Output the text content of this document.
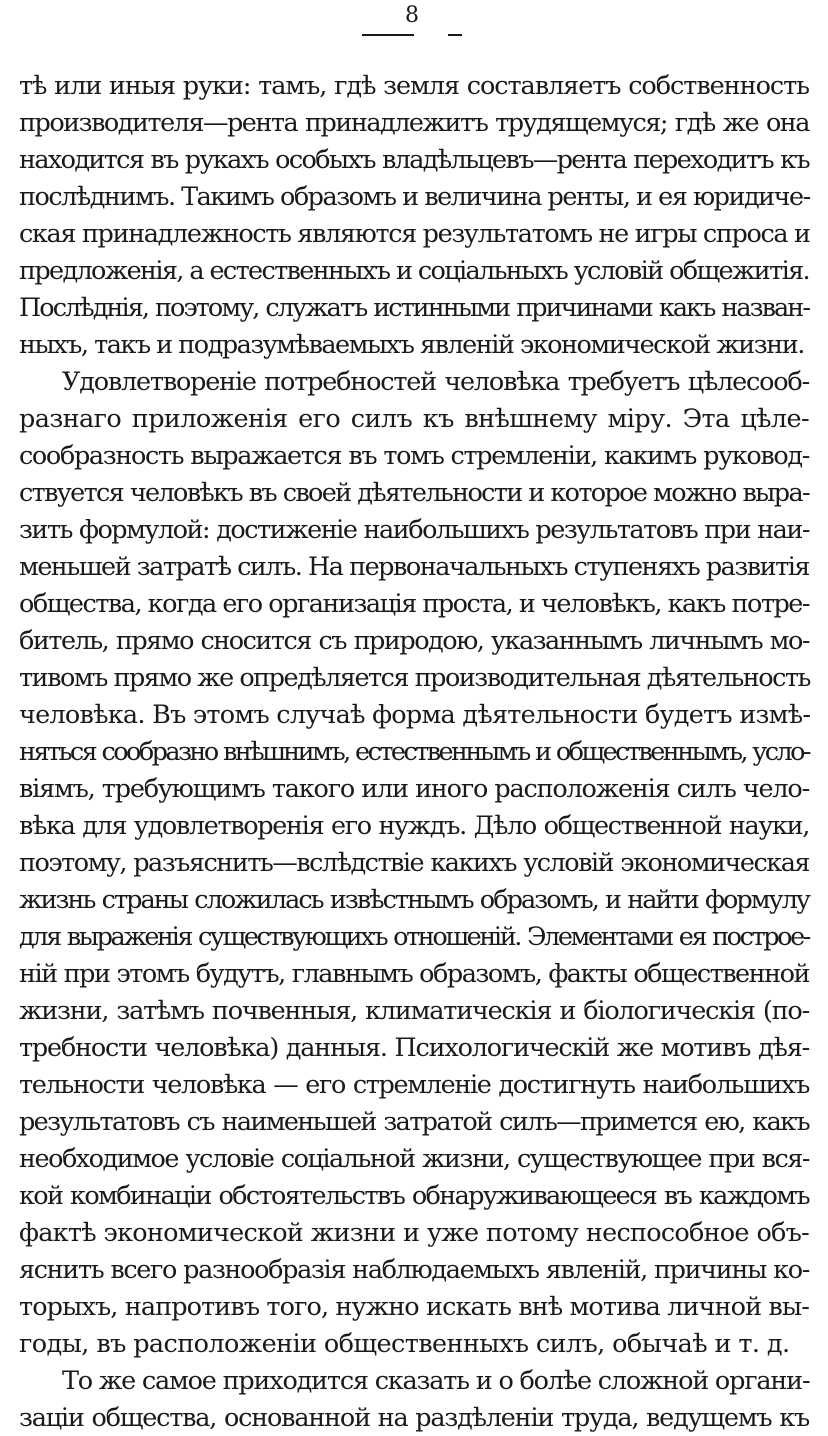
8
тѣ или иныя руки: тамъ, гдѣ земля составляетъ собственность
производителя—рента принадлежитъ трудящемуся; гдѣ же она
находится въ рукахъ особыхъ владѣльцевъ—рента переходитъ къ
послѣднимъ. Такимъ образомъ и величина ренты, и ея юридиче-
ская принадлежность являются результатомъ не игры спроса и
предложенія, а естественныхъ и соціальныхъ условій общежитія.
Послѣднія, поэтому, служатъ истинными причинами какъ назван-
ныхъ, такъ и подразумѣваемыхъ явленій экономической жизни.
Удовлетвореніе потребностей человѣка требуетъ цѣлесооб-
разнаго приложенія его силъ къ внѣшнему міру. Эта цѣле-
сообразность выражается въ томъ стремленіи, какимъ руковод-
ствуется человѣкъ въ своей дѣятельности и которое можно выра-
зить формулой: достиженіе наибольшихъ результатовъ при наи-
меньшей затратѣ силъ. На первоначальныхъ ступеняхъ развитія
общества, когда его организація проста, и человѣкъ, какъ потре-
битель, прямо сносится съ природою, указаннымъ личнымъ мо-
тивомъ прямо же опредѣляется производительная дѣятельность
человѣка. Въ этомъ случаѣ форма дѣятельности будетъ измѣ-
няться сообразно внѣшнимъ, естественнымъ и общественнымъ, усло-
віямъ, требующимъ такого или иного расположенія силъ чело-
вѣка для удовлетворенія его нуждъ. Дѣло общественной науки,
поэтому, разъяснить—вслѣдствіе какихъ условій экономическая
жизнь страны сложилась извѣстнымъ образомъ, и найти формулу
для выраженія существующихъ отношеній. Элементами ея построе-
ній при этомъ будутъ, главнымъ образомъ, факты общественной
жизни, затѣмъ почвенныя, климатическія и біологическія (по-
требности человѣка) данныя. Психологическій же мотивъ дѣя-
тельности человѣка — его стремленіе достигнуть наибольшихъ
результатовъ съ наименьшей затратой силъ—примется ею, какъ
необходимое условіе соціальной жизни, существующее при вся-
кой комбинаціи обстоятельствъ обнаруживающееся въ каждомъ
фактѣ экономической жизни и уже потому неспособное объ-
яснить всего разнообразія наблюдаемыхъ явленій, причины ко-
торыхъ, напротивъ того, нужно искать внѣ мотива личной вы-
годы, въ расположеніи общественныхъ силъ, обычаѣ и т. д.
То же самое приходится сказать и о болѣе сложной органи-
заціи общества, основанной на раздѣленіи труда, ведущемъ къ
